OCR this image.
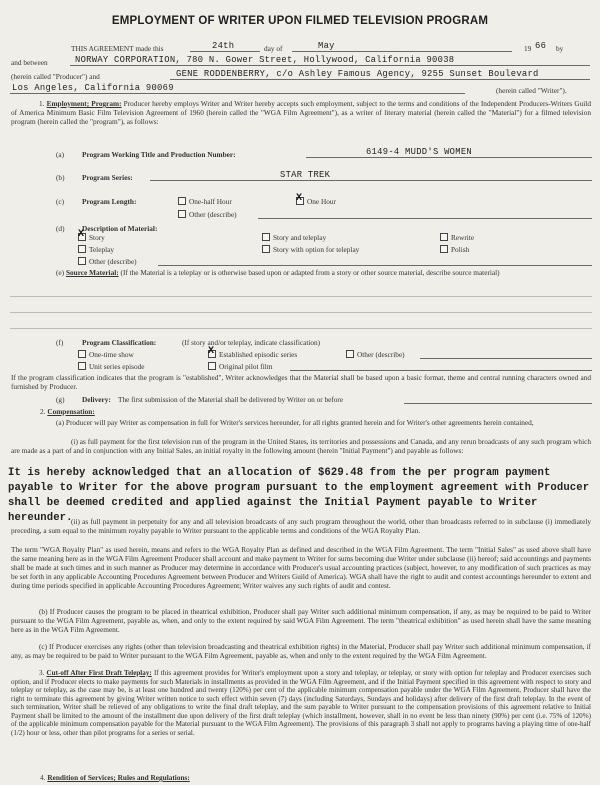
EMPLOYMENT OF WRITER UPON FILMED TELEVISION PROGRAM
THIS AGREEMENT made this	24th	day of	May	19 66 by
and between	NORWAY CORPORATION, 780 N. Gower Street, Hollywood, California 90038
(herein called "Producer") and	GENE RODDENBERRY, c/o Ashley Famous Agency, 9255 Sunset Boulevard
Los Angeles, California 90069	(herein called "Writer").
1. Employment; Program: Producer hereby employs Writer and Writer hereby accepts such employment, subject to the terms and conditions of the Independent Producers-Writers Guild of America Minimum Basic Film Television Agreement of 1960 (herein called the "WGA Film Agreement"), as a writer of literary material (herein called the "Material") for a filmed television program (herein called the "program"), as follows:
(a) Program Working Title and Production Number:	6149-4 MUDD'S WOMEN
(b) Program Series:	STAR TREK
(c) Program Length:	One-half Hour X	One Hour
Other (describe)
(d) Description of Material:
XStory	Story and teleplay	Rewrite
Teleplay	Story with option for teleplay	Polish
Other (describe)
(e) Source Material: (If the Material is a teleplay or is otherwise based upon or adapted from a story or other source material, describe source material)
(f)	Program Classification:	(If story and/or teleplay, indicate classification)
One-time show X	Established episodic series	Other (describe)
Unit series episode	Original pilot film
If the program classification indicates that the program is "established", Writer acknowledges that the Material shall be based upon a basic format, theme and central running characters owned and furnished by Producer.
(g) Delivery: The first submission of the Material shall be delivered by Writer on or before
2. Compensation:
(a) Producer will pay Writer as compensation in full for Writer's services hereunder, for all rights granted herein and for Writer's other agreements herein contained,
(i) as full payment for the first television run of the program in the United States, its territories and possessions and Canada, and any rerun broadcasts of any such program which are made as a part of and in conjunction with any Initial Sales, an initial royalty in the following amount (herein "Initial Payment") and payable as follows:
It is hereby acknowledged that an allocation of $629.48 from the per program payment payable to Writer for the above program pursuant to the employment agreement with Producer shall be deemed credited and applied against the Initial Payment payable to Writer hereunder.
(ii) as full payment in perpetuity for any and all television broadcasts of any such program throughout the world, other than broadcasts referred to in subclause (i) immediately preceding, a sum equal to the minimum royalty payable to Writer pursuant to the applicable terms and conditions of the WGA Royalty Plan.
The term "WGA Royalty Plan" as used herein, means and refers to the WGA Royalty Plan as defined and described in the WGA Film Agreement. The term "Initial Sales" as used above shall have the same meaning here as in the WGA Film Agreement Producer shall account and make payment to Writer for sums becoming due Writer under subclause (ii) hereof; said accountings and payments shall be made at such times and in such manner as Producer may determine in accordance with Producer's usual accounting practices (subject, however, to any modification of such practices as may be set forth in any applicable Accounting Procedures Agreement between Producer and Writers Guild of America). WGA shall have the right to audit and contest accountings hereunder to extent and during time periods specified in applicable Accounting Procedures Agreement; Writer waives any such rights of audit and contest.
(b) If Producer causes the program to be placed in theatrical exhibition, Producer shall pay Writer such additional minimum compensation, if any, as may be required to be paid to Writer pursuant to the WGA Film Agreement, payable as, when, and only to the extent required by said WGA Film Agreement. The term "theatrical exhibition" as used herein shall have the same meaning here as in the WGA Film Agreement.
(c) If Producer exercises any rights (other than television broadcasting and theatrical exhibition rights) in the Material, Producer shall pay Writer such additional minimum compensation, if any, as may be required to be paid to Writer pursuant to the WGA Film Agreement, payable as, when and only to the extent required by the WGA Film Agreement.
3. Cut-off After First Draft Teleplay: If this agreement provides for Writer's employment upon a story and teleplay, or teleplay, or story with option for teleplay and Producer exercises such option, and if Producer elects to make payments for such Materials in installments as provided in the WGA Film Agreement, and if the Initial Payment specified in this agreement with respect to story and teleplay or teleplay, as the case may be, is at least one hundred and twenty (120%) per cent of the applicable minimum compensation payable under the WGA Film Agreement, Producer shall have the right to terminate this agreement by giving Writer written notice to such effect within seven (7) days (including Saturdays, Sundays and holidays) after delivery of the first draft teleplay. In the event of such termination, Writer shall be relieved of any obligations to write the final draft teleplay, and the sum payable to Writer pursuant to the compensation provisions of this agreement relative to Initial Payment shall be limited to the amount of the installment due upon delivery of the first draft teleplay (which installment, however, shall in no event be less than ninety (90%) per cent (i.e. 75% of 120%) of the applicable minimum compensation payable for the Material pursuant to the WGA Film Agreement). The provisions of this paragraph 3 shall not apply to programs having a playing time of one-half (1/2) hour or less, other than pilot programs for a series or serial.
4. Rendition of Services; Rules and Regulations:
